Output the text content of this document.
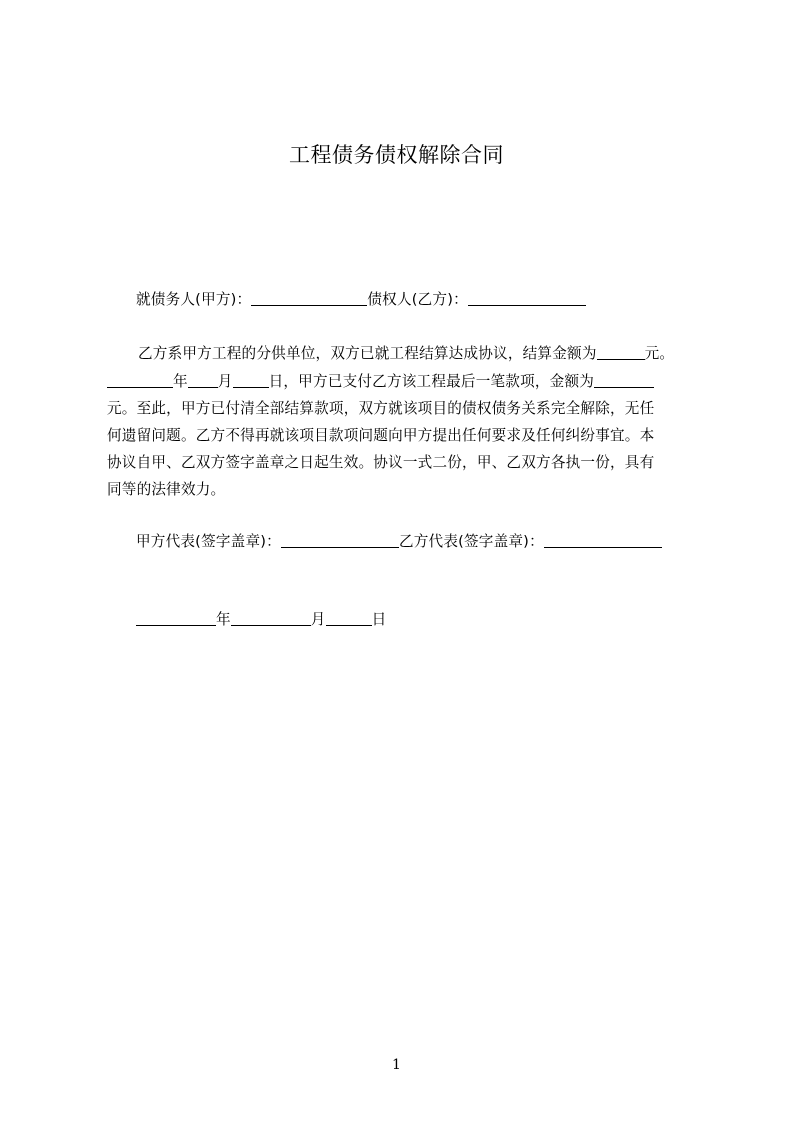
工程债务债权解除合同
就债务人(甲方)：	债权人(乙方)：
乙方系甲方工程的分供单位，双方已就工程结算达成协议，结算金额为	元。
年 月 日，甲方已支付乙方该工程最后一笔款项，金额为
元。至此，甲方已付清全部结算款项，双方就该项目的债权债务关系完全解除，无任
何遗留问题。乙方不得再就该项目款项问题向甲方提出任何要求及任何纠纷事宜。本
协议自甲、乙双方签字盖章之日起生效。协议一式二份，甲、乙双方各执一份，具有
同等的法律效力。
甲方代表(签字盖章)：	乙方代表(签字盖章)：
年	月	日
1
